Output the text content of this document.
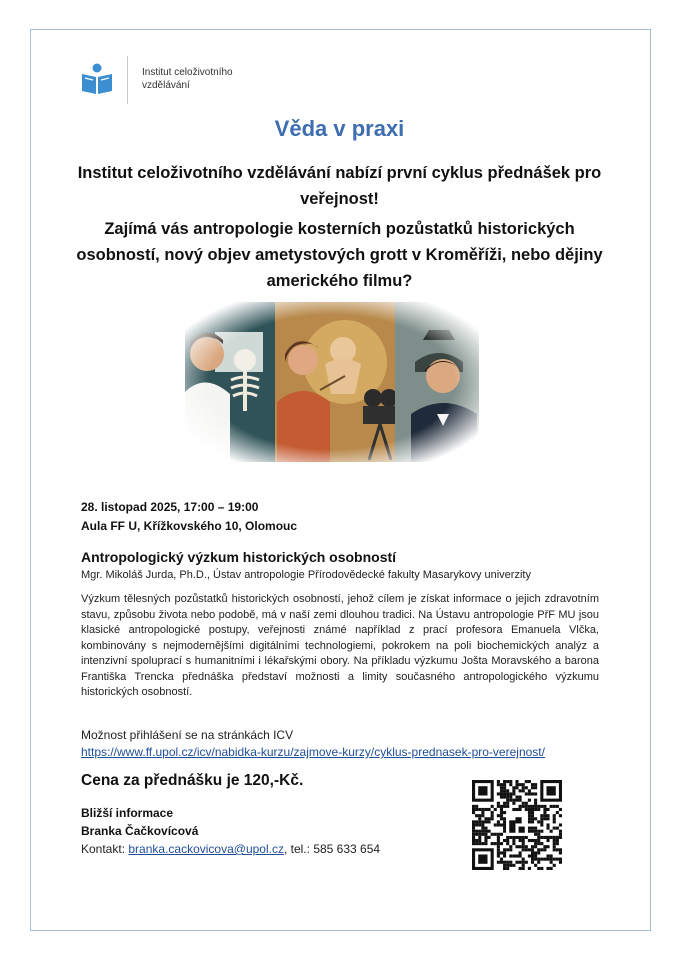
Institut celoživotního
vzdělávání
Věda v praxi
Institut celoživotního vzdělávání nabízí první cyklus přednášek pro veřejnost!
Zajímá vás antropologie kosterních pozůstatků historických osobností, nový objev ametystových grott v Kroměříži, nebo dějiny amerického filmu?
28. listopad 2025, 17:00 – 19:00
Aula FF U, Křížkovského 10, Olomouc
Antropologický výzkum historických osobností
Mgr. Mikoláš Jurda, Ph.D., Ústav antropologie Přírodovědecké fakulty Masarykovy univerzity
Výzkum tělesných pozůstatků historických osobností, jehož cílem je získat informace o jejich zdravotním stavu, způsobu života nebo podobě, má v naší zemi dlouhou tradici. Na Ústavu antropologie PřF MU jsou klasické antropologické postupy, veřejnosti známé například z prací profesora Emanuela Vlčka, kombinovány s nejmodernějšími digitálními technologiemi, pokrokem na poli biochemických analýz a intenzivní spoluprací s humanitními i lékařskými obory. Na příkladu výzkumu Jošta Moravského a barona Františka Trencka přednáška představí možnosti a limity současného antropologického výzkumu historických osobností.
Možnost přihlášení se na stránkách ICV
https://www.ff.upol.cz/icv/nabidka-kurzu/zajmove-kurzy/cyklus-prednasek-pro-verejnost/
Cena za přednášku je 120,-Kč.
Bližší informace
Branka Čačkovícová
Kontakt: branka.cackovicova@upol.cz, tel.: 585 633 654
